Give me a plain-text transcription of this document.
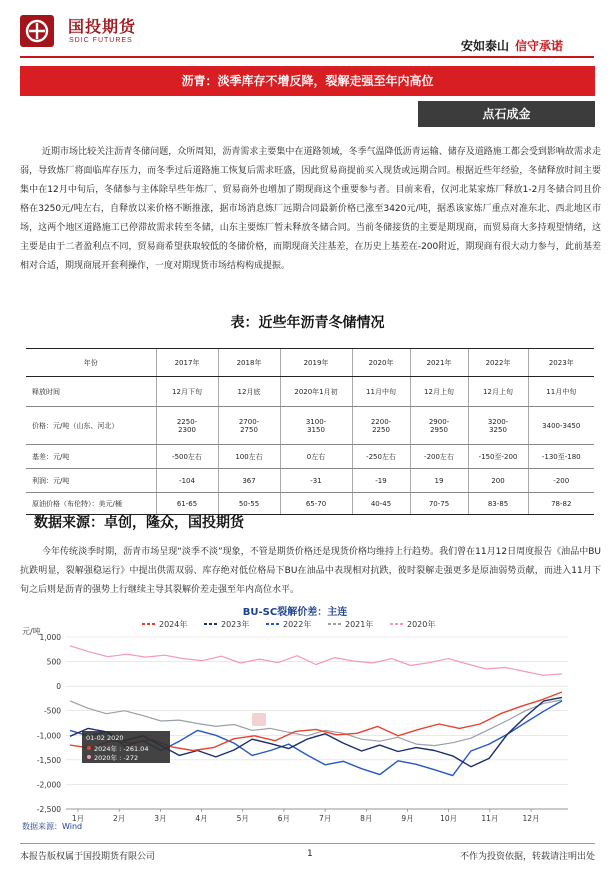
国投期货
SDIC FUTURES	安如泰山 信守承诺
沥青：淡季库存不增反降，裂解走强至年内高位
点石成金

近期市场比较关注沥青冬储问题，众所周知，沥青需求主要集中在道路领域，冬季气温降低沥青运输、储存及道路施工都会受到影响故需求走弱，导致炼厂将面临库存压力，而冬季过后道路施工恢复后需求旺盛，因此贸易商提前买入现货或远期合同。根据近些年经验，冬储释放时间主要集中在12月中旬后，冬储参与主体除早些年炼厂、贸易商外也增加了期现商这个重要参与者。目前来看，仅河北某家炼厂释放1-2月冬储合同且价格在3250元/吨左右，自释放以来价格不断推涨，据市场消息炼厂远期合同最新价格已涨至3420元/吨，据悉该家炼厂重点对准东北、西北地区市场，这两个地区道路施工已停滞故需求转至冬储，山东主要炼厂暂未释放冬储合同。当前冬储接货的主要是期现商，而贸易商大多持观望情绪，这主要是由于二者盈利点不同，贸易商希望获取较低的冬储价格，而期现商关注基差，在历史上基差在-200附近，期现商有很大动力参与，此前基差相对合适，期现商展开套利操作，一度对期现货市场结构构成提振。

表：近些年沥青冬储情况
年份	2017年	2018年	2019年	2020年	2021年	2022年	2023年
释放时间	12月下旬	12月底	2020年1月初	11月中旬	12月上旬	12月上旬	11月中旬
价格：元/吨（山东、河北）	2250-
2300	2700-
2750	3100-
3150	2200-
2250	2900-
2950	3200-
3250	3400-3450
基差：元/吨	-500左右	100左右	0左右	-250左右	-200左右	-150至-200	-130至-180
利润：元/吨	-104	367	-31	-19	19	200	-200
原油价格（布伦特）：美元/桶	61-65	50-55	65-70	40-45	70-75	83-85	78-82
数据来源：卓创，隆众，国投期货

今年传统淡季时期，沥青市场呈现“淡季不淡”现象，不管是期货价格还是现货价格均维持上行趋势。我们曾在11月12日周度报告《油品中BU抗跌明显，裂解强稳运行》中提出供需双弱、库存绝对低位格局下BU在油品中表现相对抗跌，彼时裂解走强更多是原油弱势贡献，而进入11月下旬之后则是沥青的强势上行继续主导其裂解价差走强至年内高位水平。

BU-SC裂解价差：主连
2024年	2023年	2022年	2021年	2020年
元/吨
-2,500
-2,000
-1,500
-1,000
-500
0
500
1,000
1月	2月	3月	4月	5月	6月	7月	8月	9月	10月	11月	12月
01-02 2020
2024年 : -261.04
2020年 : -272
数据来源：Wind
本报告版权属于国投期货有限公司	1	不作为投资依据，转载请注明出处
